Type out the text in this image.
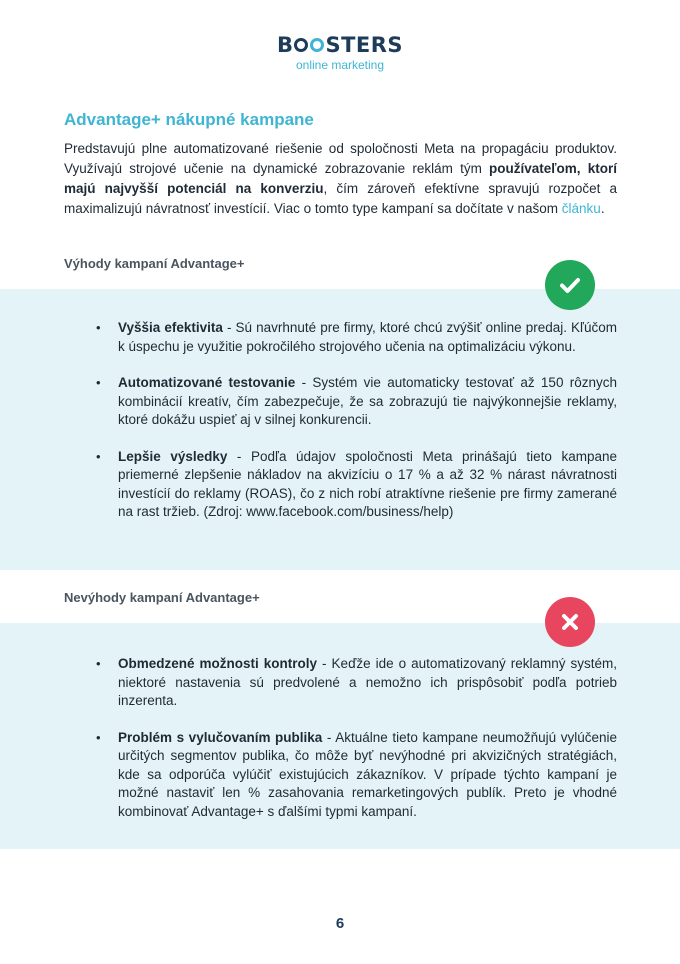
B STERS
online marketing
Advantage+ nákupné kampane

Predstavujú plne automatizované riešenie od spoločnosti Meta na propagáciu produktov. Využívajú strojové učenie na dynamické zobrazovanie reklám tým používateľom, ktorí majú najvyšší potenciál na konverziu, čím zároveň efektívne spravujú rozpočet a maximalizujú návratnosť investícií. Viac o tomto type kampaní sa dočítate v našom článku.

Výhody kampaní Advantage+
• Vyššia efektivita - Sú navrhnuté pre firmy, ktoré chcú zvýšiť online predaj. Kľúčom k úspechu je využitie pokročilého strojového učenia na optimalizáciu výkonu.
• Automatizované testovanie - Systém vie automaticky testovať až 150 rôznych kombinácií kreatív, čím zabezpečuje, že sa zobrazujú tie najvýkonnejšie reklamy, ktoré dokážu uspieť aj v silnej konkurencii.
• Lepšie výsledky - Podľa údajov spoločnosti Meta prinášajú tieto kampane priemerné zlepšenie nákladov na akvizíciu o 17 % a až 32 % nárast návratnosti investícií do reklamy (ROAS), čo z nich robí atraktívne riešenie pre firmy zamerané na rast tržieb. (Zdroj: www.facebook.com/business/help)
Nevýhody kampaní Advantage+
• Obmedzené možnosti kontroly - Keďže ide o automatizovaný reklamný systém, niektoré nastavenia sú predvolené a nemožno ich prispôsobiť podľa potrieb inzerenta.
• Problém s vylučovaním publika - Aktuálne tieto kampane neumožňujú vylúčenie určitých segmentov publika, čo môže byť nevýhodné pri akvizičných stratégiách, kde sa odporúča vylúčiť existujúcich zákazníkov. V prípade týchto kampaní je možné nastaviť len % zasahovania remarketingových publík. Preto je vhodné kombinovať Advantage+ s ďalšími typmi kampaní.
6
